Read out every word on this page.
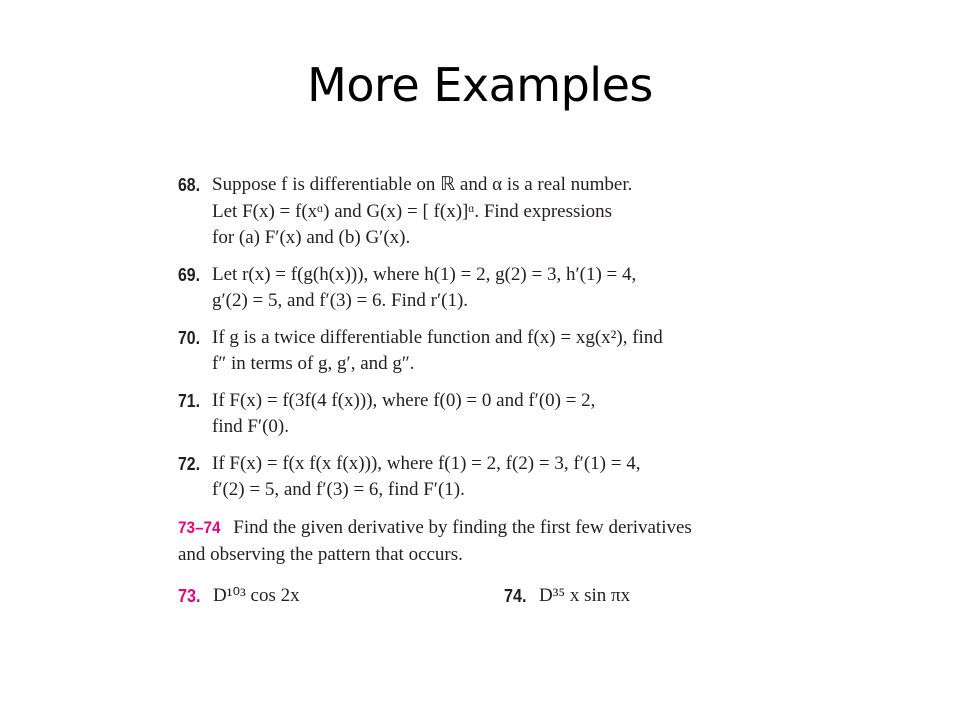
More Examples
68. Suppose f is differentiable on ℝ and α is a real number.
Let F(x) = f(xᵅ) and G(x) = [ f(x)]ᵅ. Find expressions
for (a) F′(x) and (b) G′(x).
69. Let r(x) = f(g(h(x))), where h(1) = 2, g(2) = 3, h′(1) = 4,
g′(2) = 5, and f′(3) = 6. Find r′(1).
70. If g is a twice differentiable function and f(x) = xg(x²), find
f″ in terms of g, g′, and g″.
71. If F(x) = f(3f(4 f(x))), where f(0) = 0 and f′(0) = 2,
find F′(0).
72. If F(x) = f(x f(x f(x))), where f(1) = 2, f(2) = 3, f′(1) = 4,
f′(2) = 5, and f′(3) = 6, find F′(1).
73–74 Find the given derivative by finding the first few derivatives
and observing the pattern that occurs.
73. D¹⁰³ cos 2x	74. D³⁵ x sin πx
